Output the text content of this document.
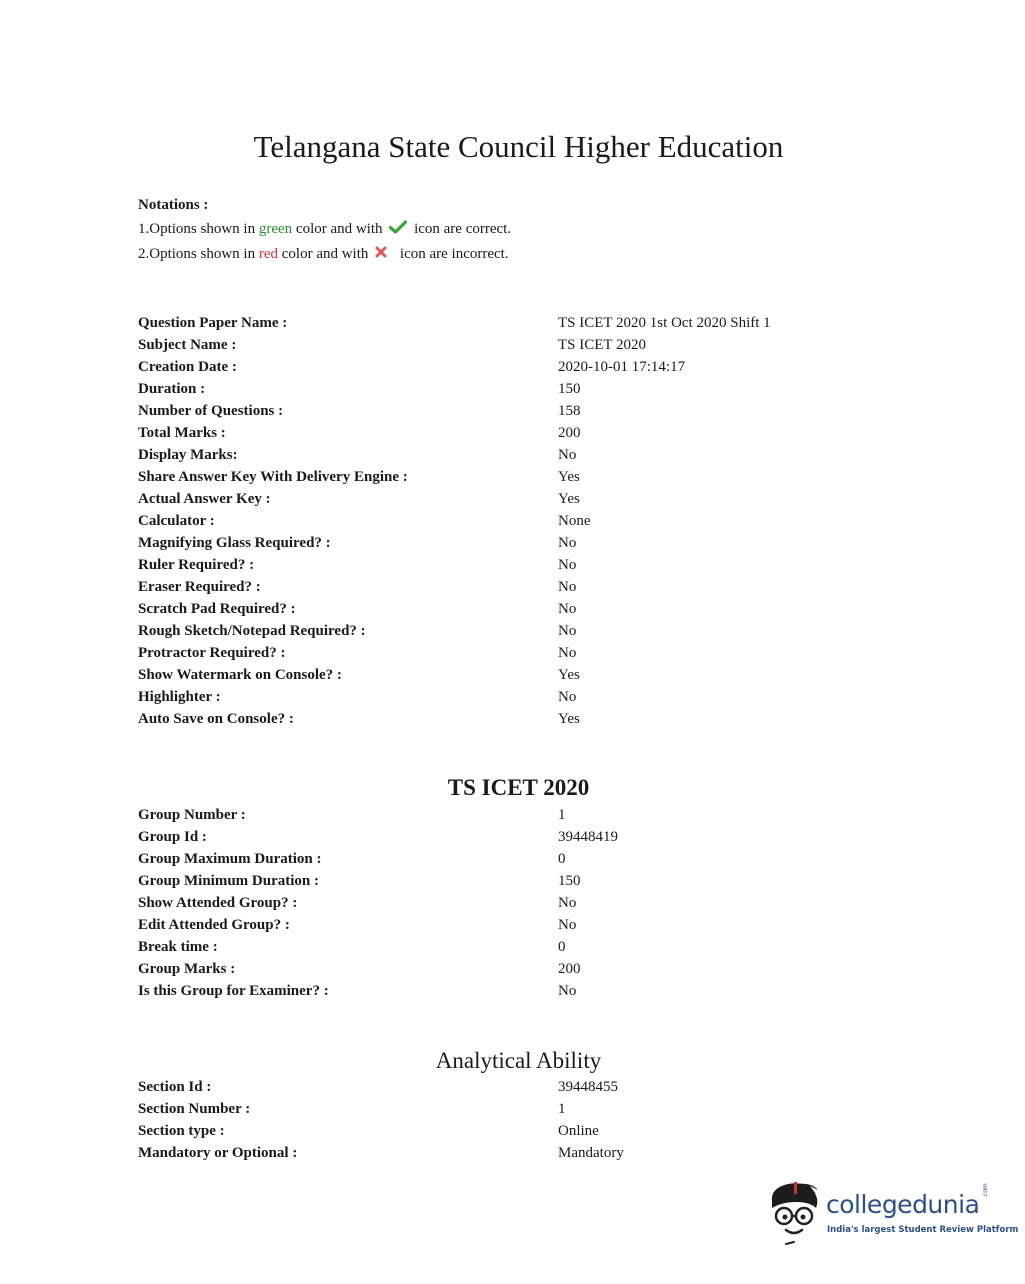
Telangana State Council Higher Education
Notations :
1.Options shown in green color and with  icon are correct.
2.Options shown in red color and with  icon are incorrect.
Question Paper Name :	TS ICET 2020 1st Oct 2020 Shift 1
Subject Name :	TS ICET 2020
Creation Date :	2020-10-01 17:14:17
Duration :	150
Number of Questions :	158
Total Marks :	200
Display Marks:	No
Share Answer Key With Delivery Engine :	Yes
Actual Answer Key :	Yes
Calculator :	None
Magnifying Glass Required? :	No
Ruler Required? :	No
Eraser Required? :	No
Scratch Pad Required? :	No
Rough Sketch/Notepad Required? :	No
Protractor Required? :	No
Show Watermark on Console? :	Yes
Highlighter :	No
Auto Save on Console? :	Yes
TS ICET 2020
Group Number :	1
Group Id :	39448419
Group Maximum Duration :	0
Group Minimum Duration :	150
Show Attended Group? :	No
Edit Attended Group? :	No
Break time :	0
Group Marks :	200
Is this Group for Examiner? :	No
Analytical Ability
Section Id :	39448455
Section Number :	1
Section type :	Online
Mandatory or Optional :	Mandatory
collegedunia .com
India's largest Student Review Platform
